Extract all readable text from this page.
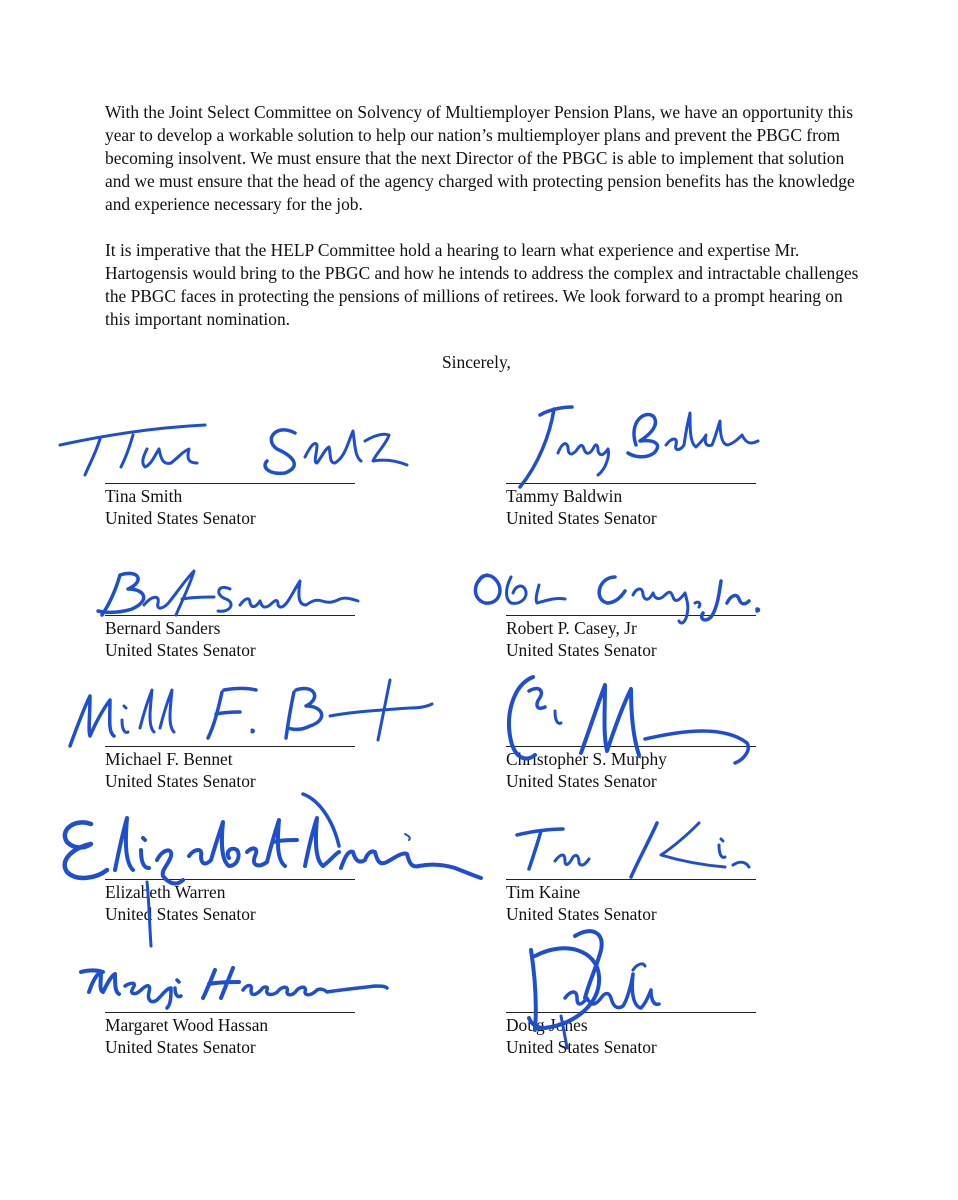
With the Joint Select Committee on Solvency of Multiemployer Pension Plans, we have an opportunity this year to develop a workable solution to help our nation’s multiemployer plans and prevent the PBGC from becoming insolvent. We must ensure that the next Director of the PBGC is able to implement that solution and we must ensure that the head of the agency charged with protecting pension benefits has the knowledge and experience necessary for the job.

It is imperative that the HELP Committee hold a hearing to learn what experience and expertise Mr. Hartogensis would bring to the PBGC and how he intends to address the complex and intractable challenges the PBGC faces in protecting the pensions of millions of retirees. We look forward to a prompt hearing on this important nomination.

Sincerely,
Tina Smith
United States Senator
Tammy Baldwin
United States Senator
Bernard Sanders
United States Senator
Robert P. Casey, Jr
United States Senator
Michael F. Bennet
United States Senator
Christopher S. Murphy
United States Senator
Elizabeth Warren
United States Senator
Tim Kaine
United States Senator
Margaret Wood Hassan
United States Senator
Doug Jones
United States Senator
